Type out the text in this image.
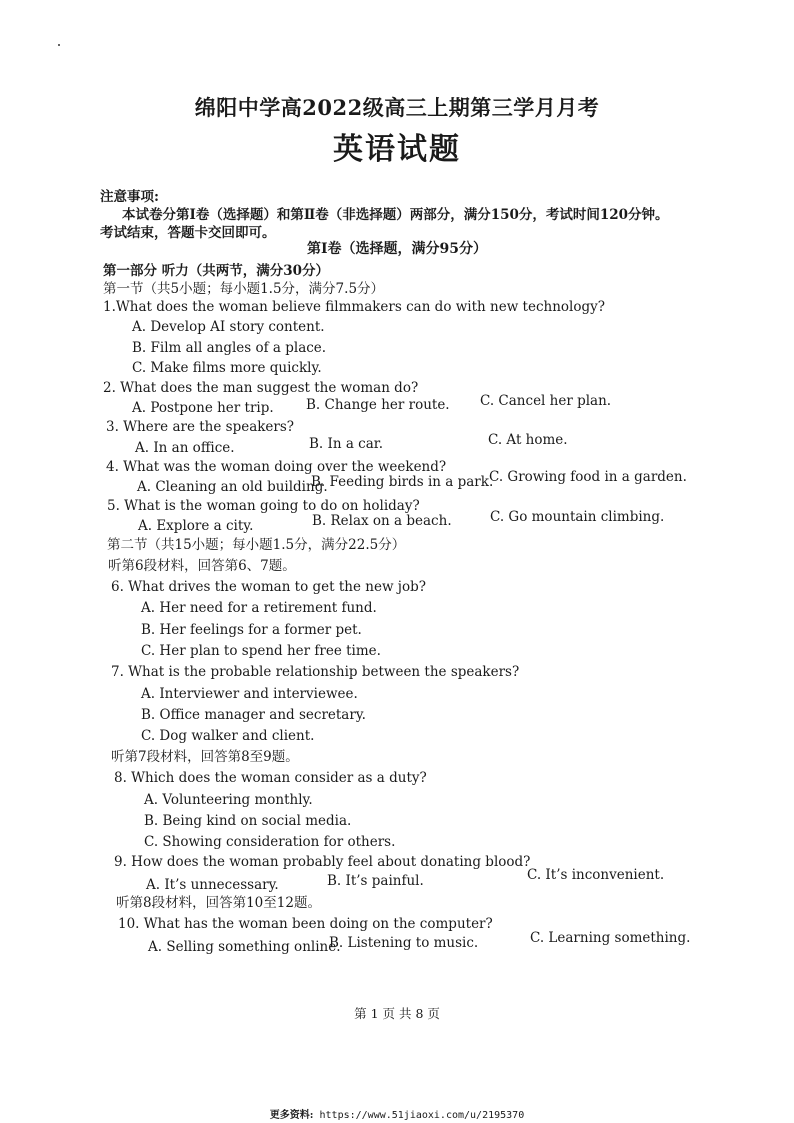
绵阳中学高2022级高三上期第三学月月考
英语试题
注意事项:
本试卷分第Ⅰ卷（选择题）和第Ⅱ卷（非选择题）两部分，满分150分，考试时间120分钟。
考试结束，答题卡交回即可。
第Ⅰ卷（选择题，满分95分）
第一部分 听力（共两节，满分30分）
第一节（共5小题；每小题1.5分，满分7.5分）
1.What does the woman believe filmmakers can do with new technology?
A. Develop AI story content.
B. Film all angles of a place.
C. Make films more quickly.
2. What does the man suggest the woman do?
A. Postpone her trip. B. Change her route. C. Cancel her plan.
3. Where are the speakers?
A. In an office.	B. In a car.	C. At home.
4. What was the woman doing over the weekend?
A. Cleaning an old building.
B. Feeding birds in a park.
C. Growing food in a garden.
5. What is the woman going to do on holiday?
A. Explore a city.	B. Relax on a beach.	C. Go mountain climbing.
第二节（共15小题；每小题1.5分，满分22.5分）
听第6段材料，回答第6、7题。
6. What drives the woman to get the new job?
A. Her need for a retirement fund.
B. Her feelings for a former pet.
C. Her plan to spend her free time.
7. What is the probable relationship between the speakers?
A. Interviewer and interviewee.
B. Office manager and secretary.
C. Dog walker and client.
听第7段材料，回答第8至9题。
8. Which does the woman consider as a duty?
A. Volunteering monthly.
B. Being kind on social media.
C. Showing consideration for others.
9. How does the woman probably feel about donating blood?
A. It’s unnecessary.	B. It’s painful.	C. It’s inconvenient.
听第8段材料，回答第10至12题。
10. What has the woman been doing on the computer?
A. Selling something online.
B. Listening to music.	C. Learning something.
第 1 页 共 8 页
更多资料: https://www.51jiaoxi.com/u/2195370
